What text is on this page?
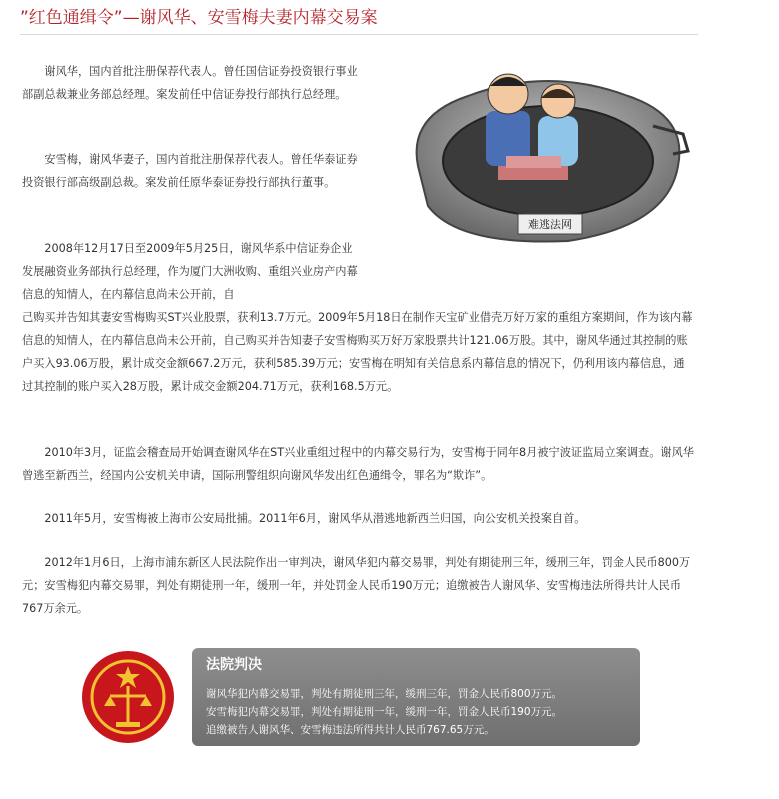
”红色通缉令”—谢风华、安雪梅夫妻内幕交易案

谢风华，国内首批注册保荐代表人。曾任国信证券投资银行事业部副总裁兼业务部总经理。案发前任中信证券投行部执行总经理。

安雪梅，谢风华妻子，国内首批注册保荐代表人。曾任华泰证券投资银行部高级副总裁。案发前任原华泰证券投行部执行董事。

2008年12月17日至2009年5月25日，谢风华系中信证券企业发展融资业务部执行总经理，作为厦门大洲收购、重组兴业房产内幕信息的知情人，在内幕信息尚未公开前，自

己购买并告知其妻安雪梅购买ST兴业股票，获利13.7万元。2009年5月18日在制作天宝矿业借壳万好万家的重组方案期间，作为该内幕信息的知情人，在内幕信息尚未公开前，自己购买并告知妻子安雪梅购买万好万家股票共计121.06万股。其中，谢风华通过其控制的账户买入93.06万股，累计成交金额667.2万元，获利585.39万元；安雪梅在明知有关信息系内幕信息的情况下，仍利用该内幕信息，通过其控制的账户买入28万股，累计成交金额204.71万元，获利168.5万元。

2010年3月，证监会稽查局开始调查谢风华在ST兴业重组过程中的内幕交易行为，安雪梅于同年8月被宁波证监局立案调查。谢风华曾逃至新西兰，经国内公安机关申请，国际刑警组织向谢风华发出红色通缉令，罪名为“欺诈”。

2011年5月，安雪梅被上海市公安局批捕。2011年6月，谢风华从潜逃地新西兰归国，向公安机关投案自首。

2012年1月6日，上海市浦东新区人民法院作出一审判决，谢风华犯内幕交易罪，判处有期徒刑三年，缓刑三年，罚金人民币800万元；安雪梅犯内幕交易罪，判处有期徒刑一年，缓刑一年，并处罚金人民币190万元；追缴被告人谢风华、安雪梅违法所得共计人民币767万余元。

难逃法网
法院判决
谢风华犯内幕交易罪，判处有期徒刑三年，缓刑三年，罚金人民币800万元。
安雪梅犯内幕交易罪，判处有期徒刑一年，缓刑一年，罚金人民币190万元。
追缴被告人谢风华、安雪梅违法所得共计人民币767.65万元。
